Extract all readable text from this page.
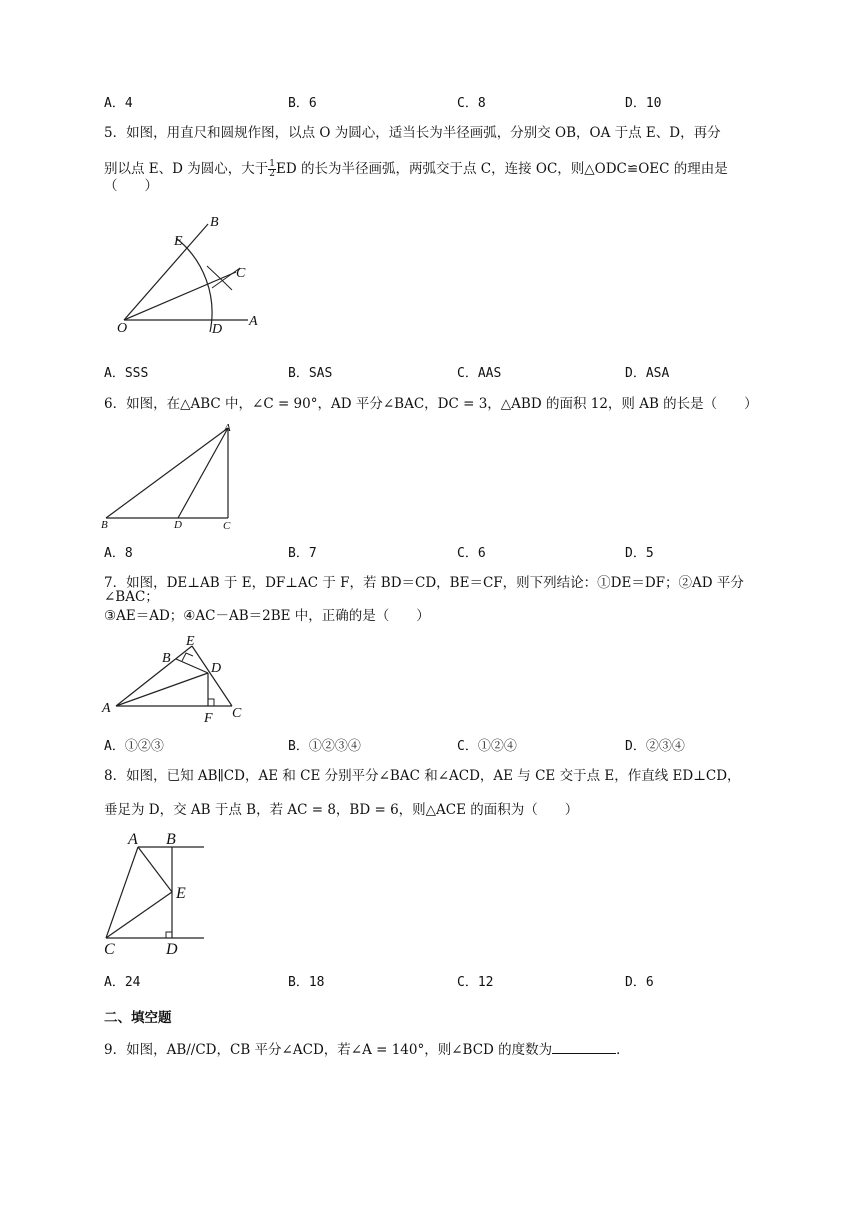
A．4	B．6	C．8	D．10
5．如图，用直尺和圆规作图，以点 O 为圆心，适当长为半径画弧，分别交 OB，OA 于点 E、D，再分
别以点 E、D 为圆心，大于 $\frac{1}{2}$ ED 的长为半径画弧，两弧交于点 C，连接 OC，则△ODC≌OEC 的理由是（　　）
O	D
A
E
B
C
A．SSS	B．SAS	C．AAS	D．ASA
6．如图，在△ABC 中，∠C = 90°，AD 平分∠BAC，DC = 3，△ABD 的面积 12，则 AB 的长是（　　）
A
B	D	C
A．8	B．7	C．6	D．5
7．如图，DE⊥AB 于 E，DF⊥AC 于 F，若 BD＝CD，BE＝CF，则下列结论：①DE＝DF；②AD 平分∠BAC；
③AE＝AD；④AC－AB＝2BE 中，正确的是（　　）
A
B
E
D
F C
A．①②③	B．①②③④	C．①②④	D．②③④
8．如图，已知 AB∥CD，AE 和 CE 分别平分∠BAC 和∠ACD，AE 与 CE 交于点 E，作直线 ED⊥CD，
垂足为 D，交 AB 于点 B，若 AC = 8，BD = 6，则△ACE 的面积为（　　）
A B
E
C	D
A．24	B．18	C．12	D．6
二、填空题
9．如图，AB//CD，CB 平分∠ACD，若∠A = 140°，则∠BCD 的度数为	．
